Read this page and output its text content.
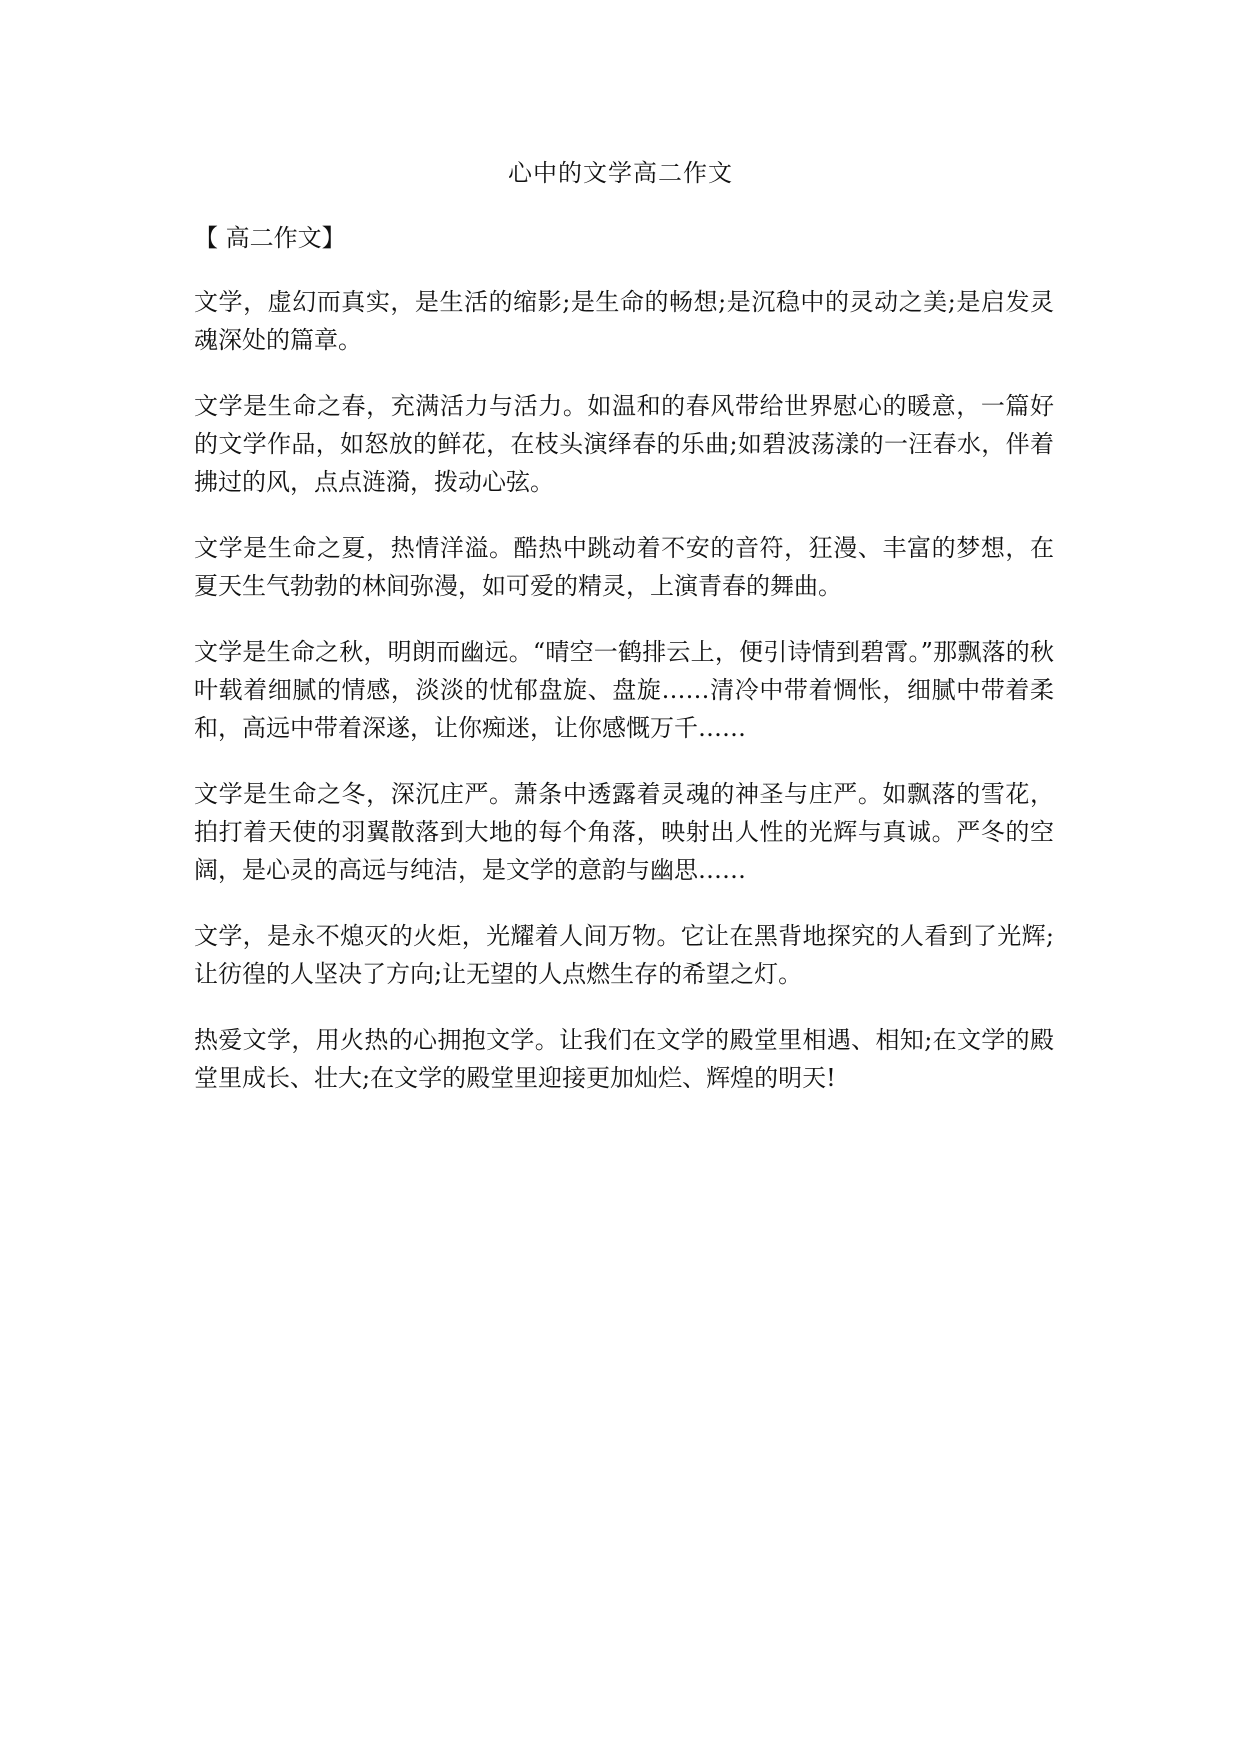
心中的文学高二作文

【 高二作文】

文学，虚幻而真实，是生活的缩影;是生命的畅想;是沉稳中的灵动之美;是启发灵魂深处的篇章。

文学是生命之春，充满活力与活力。如温和的春风带给世界慰心的暖意，一篇好的文学作品，如怒放的鲜花，在枝头演绎春的乐曲;如碧波荡漾的一汪春水，伴着拂过的风，点点涟漪，拨动心弦。

文学是生命之夏，热情洋溢。酷热中跳动着不安的音符，狂漫、丰富的梦想，在夏天生气勃勃的林间弥漫，如可爱的精灵，上演青春的舞曲。

文学是生命之秋，明朗而幽远。“晴空一鹤排云上，便引诗情到碧霄。”那飘落的秋叶载着细腻的情感，淡淡的忧郁盘旋、盘旋……清冷中带着惆怅，细腻中带着柔和，高远中带着深遂，让你痴迷，让你感慨万千……

文学是生命之冬，深沉庄严。萧条中透露着灵魂的神圣与庄严。如飘落的雪花，拍打着天使的羽翼散落到大地的每个角落，映射出人性的光辉与真诚。严冬的空阔，是心灵的高远与纯洁，是文学的意韵与幽思……

文学，是永不熄灭的火炬，光耀着人间万物。它让在黑背地探究的人看到了光辉;让彷徨的人坚决了方向;让无望的人点燃生存的希望之灯。

热爱文学，用火热的心拥抱文学。让我们在文学的殿堂里相遇、相知;在文学的殿堂里成长、壮大;在文学的殿堂里迎接更加灿烂、辉煌的明天!
